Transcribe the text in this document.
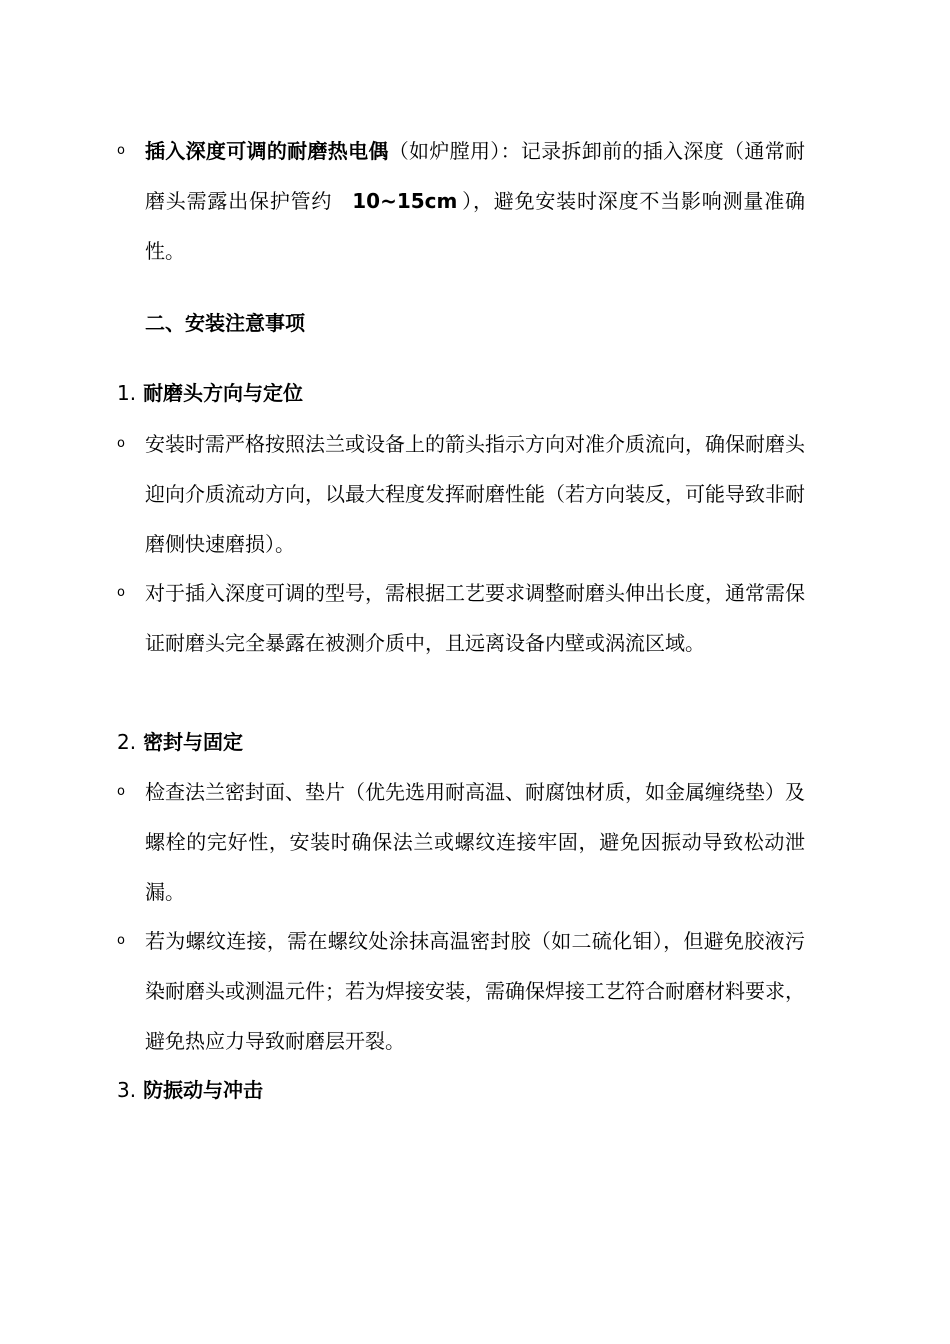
o 插入深度可调的耐磨热电偶（如炉膛用）：记录拆卸前的插入深度（通常耐磨头需露出保护管约 10~15cm ），避免安装时深度不当影响测量准确性。
二、安装注意事项
1. 耐磨头方向与定位
o 安装时需严格按照法兰或设备上的箭头指示方向对准介质流向，确保耐磨头迎向介质流动方向，以最大程度发挥耐磨性能（若方向装反，可能导致非耐磨侧快速磨损）。
o 对于插入深度可调的型号，需根据工艺要求调整耐磨头伸出长度，通常需保证耐磨头完全暴露在被测介质中，且远离设备内壁或涡流区域。
2. 密封与固定
o 检查法兰密封面、垫片（优先选用耐高温、耐腐蚀材质，如金属缠绕垫）及螺栓的完好性，安装时确保法兰或螺纹连接牢固，避免因振动导致松动泄漏。
o 若为螺纹连接，需在螺纹处涂抹高温密封胶（如二硫化钼），但避免胶液污染耐磨头或测温元件；若为焊接安装，需确保焊接工艺符合耐磨材料要求，避免热应力导致耐磨层开裂。
3. 防振动与冲击
